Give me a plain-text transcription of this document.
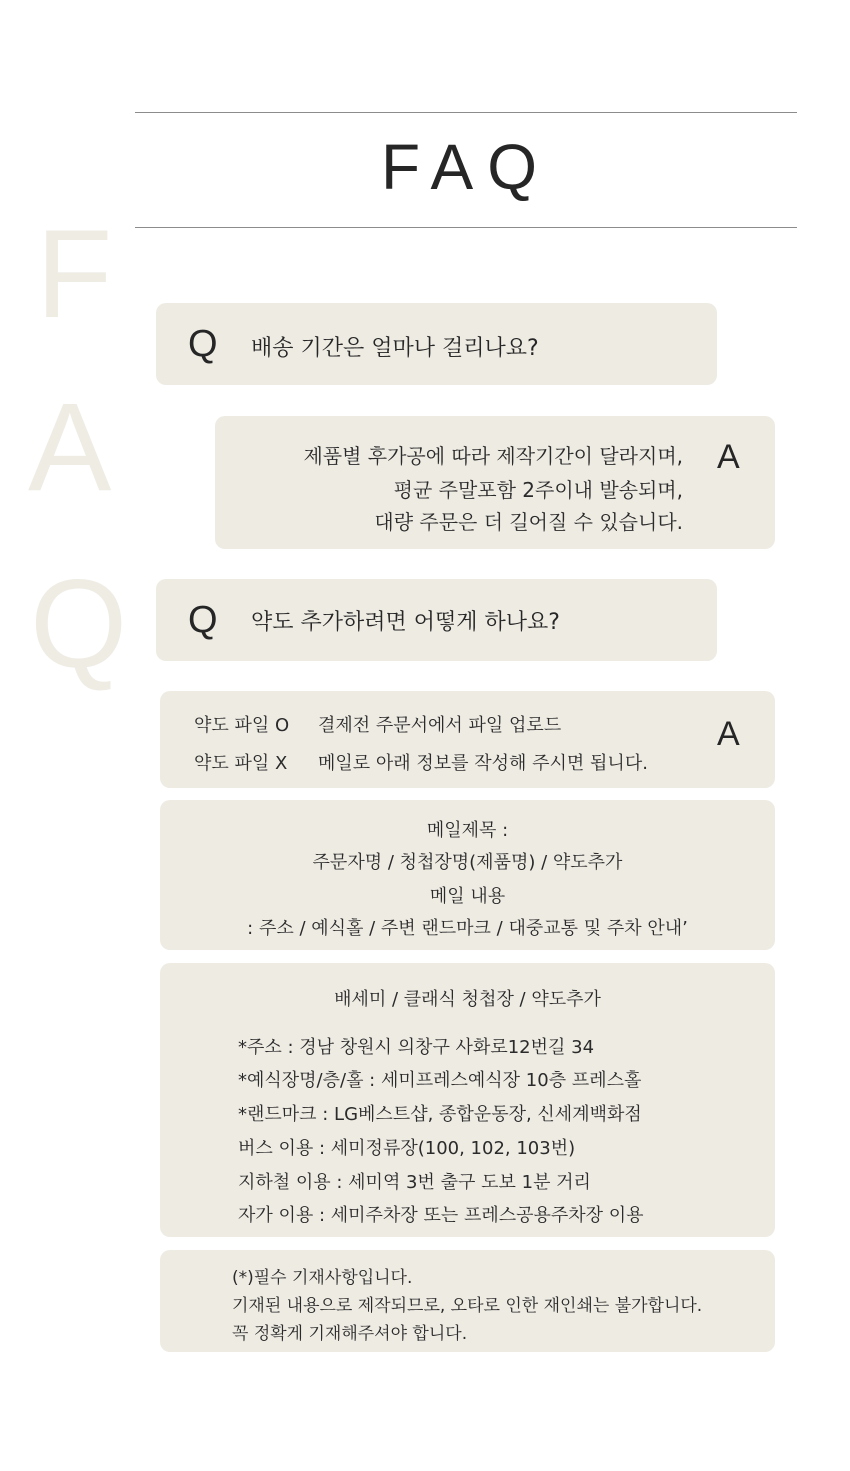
F
A
Q
FAQ
Q 배송 기간은 얼마나 걸리나요?
제품별 후가공에 따라 제작기간이 달라지며,
평균 주말포함 2주이내 발송되며,
대량 주문은 더 길어질 수 있습니다.
A
Q 약도 추가하려면 어떻게 하나요?
약도 파일 O 결제전 주문서에서 파일 업로드
약도 파일 X 메일로 아래 정보를 작성해 주시면 됩니다.
A
메일제목 :
주문자명 / 청첩장명(제품명) / 약도추가
메일 내용
: 주소 / 예식홀 / 주변 랜드마크 / 대중교통 및 주차 안내’
배세미 / 클래식 청첩장 / 약도추가
*주소 : 경남 창원시 의창구 사화로12번길 34
*예식장명/층/홀 : 세미프레스예식장 10층 프레스홀
*랜드마크 : LG베스트샵, 종합운동장, 신세계백화점
버스 이용 : 세미정류장(100, 102, 103번)
지하철 이용 : 세미역 3번 출구 도보 1분 거리
자가 이용 : 세미주차장 또는 프레스공용주차장 이용
(*)필수 기재사항입니다.
기재된 내용으로 제작되므로, 오타로 인한 재인쇄는 불가합니다.
꼭 정확게 기재해주셔야 합니다.
